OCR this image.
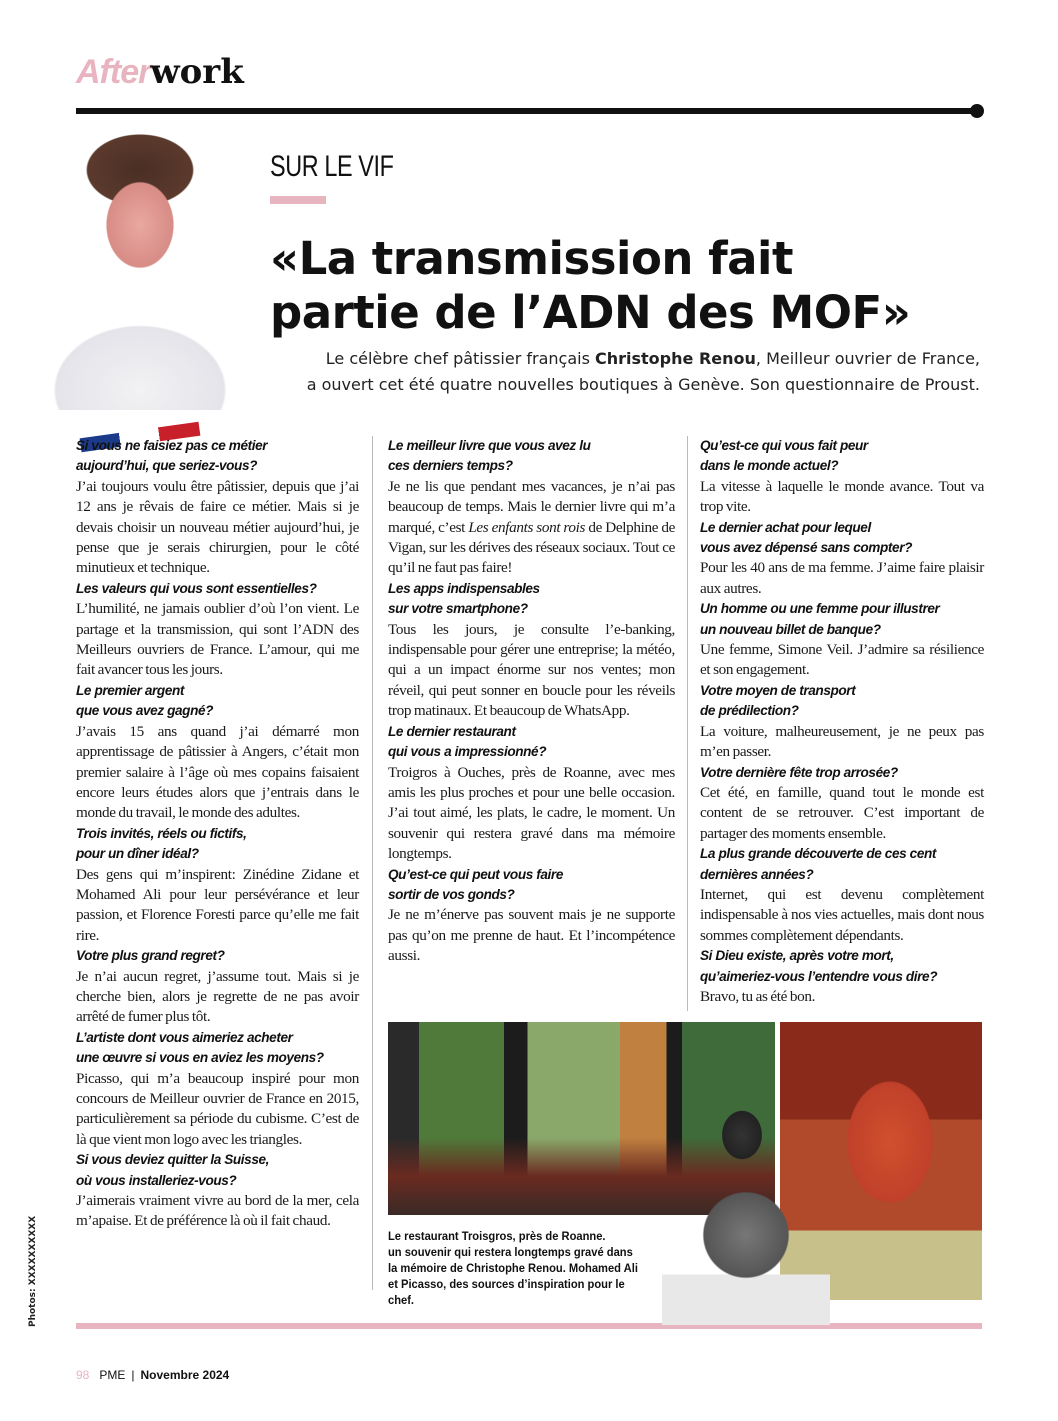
Afterwork
SUR LE VIF
«La transmission fait
partie de l’ADN des MOF»

Le célèbre chef pâtissier français Christophe Renou, Meilleur ouvrier de France,
a ouvert cet été quatre nouvelles boutiques à Genève. Son questionnaire de Proust.

Si vous ne faisiez pas ce métier
aujourd’hui, que seriez-vous?

J’ai toujours voulu être pâtissier, depuis que j’ai 12 ans je rêvais de faire ce métier. Mais si je devais choisir un nouveau métier aujourd’hui, je pense que je serais chirurgien, pour le côté minutieux et technique.

Les valeurs qui vous sont essentielles?

L’humilité, ne jamais oublier d’où l’on vient. Le partage et la transmission, qui sont l’ADN des Meilleurs ouvriers de France. L’amour, qui me fait avancer tous les jours.

Le premier argent
que vous avez gagné?

J’avais 15 ans quand j’ai démarré mon apprentissage de pâtissier à Angers, c’était mon premier salaire à l’âge où mes copains faisaient encore leurs études alors que j’entrais dans le monde du travail, le monde des adultes.

Trois invités, réels ou fictifs,
pour un dîner idéal?

Des gens qui m’inspirent: Zinédine Zidane et Mohamed Ali pour leur persévérance et leur passion, et Florence Foresti parce qu’elle me fait rire.

Votre plus grand regret?

Je n’ai aucun regret, j’assume tout. Mais si je cherche bien, alors je regrette de ne pas avoir arrêté de fumer plus tôt.

L’artiste dont vous aimeriez acheter
une œuvre si vous en aviez les moyens?

Picasso, qui m’a beaucoup inspiré pour mon concours de Meilleur ouvrier de France en 2015, particulièrement sa période du cubisme. C’est de là que vient mon logo avec les triangles.

Si vous deviez quitter la Suisse,
où vous installeriez-vous?

J’aimerais vraiment vivre au bord de la mer, cela m’apaise. Et de préférence là où il fait chaud.

Le meilleur livre que vous avez lu
ces derniers temps?

Je ne lis que pendant mes vacances, je n’ai pas beaucoup de temps. Mais le dernier livre qui m’a marqué, c’est Les enfants sont rois de Delphine de Vigan, sur les dérives des réseaux sociaux. Tout ce qu’il ne faut pas faire!

Les apps indispensables
sur votre smartphone?

Tous les jours, je consulte l’e-banking, indispensable pour gérer une entreprise; la météo, qui a un impact énorme sur nos ventes; mon réveil, qui peut sonner en boucle pour les réveils trop matinaux. Et beaucoup de WhatsApp.

Le dernier restaurant
qui vous a impressionné?

Troigros à Ouches, près de Roanne, avec mes amis les plus proches et pour une belle occasion. J’ai tout aimé, les plats, le cadre, le moment. Un souvenir qui restera gravé dans ma mémoire longtemps.

Qu’est-ce qui peut vous faire
sortir de vos gonds?

Je ne m’énerve pas souvent mais je ne supporte pas qu’on me prenne de haut. Et l’incompétence aussi.

Qu’est-ce qui vous fait peur
dans le monde actuel?

La vitesse à laquelle le monde avance. Tout va trop vite.

Le dernier achat pour lequel
vous avez dépensé sans compter?

Pour les 40 ans de ma femme. J’aime faire plaisir aux autres.

Un homme ou une femme pour illustrer
un nouveau billet de banque?

Une femme, Simone Veil. J’admire sa résilience et son engagement.

Votre moyen de transport
de prédilection?

La voiture, malheureusement, je ne peux pas m’en passer.

Votre dernière fête trop arrosée?

Cet été, en famille, quand tout le monde est content de se retrouver. C’est important de partager des moments ensemble.

La plus grande découverte de ces cent
dernières années?

Internet, qui est devenu complètement indispensable à nos vies actuelles, mais dont nous sommes complètement dépendants.

Si Dieu existe, après votre mort,
qu’aimeriez-vous l’entendre vous dire?

Bravo, tu as été bon.

Le restaurant Troisgros, près de Roanne.
un souvenir qui restera longtemps gravé dans
la mémoire de Christophe Renou. Mohamed Ali
et Picasso, des sources d’inspiration pour le chef.
Photos: XXXXXXXXXX
98 PME | Novembre 2024
